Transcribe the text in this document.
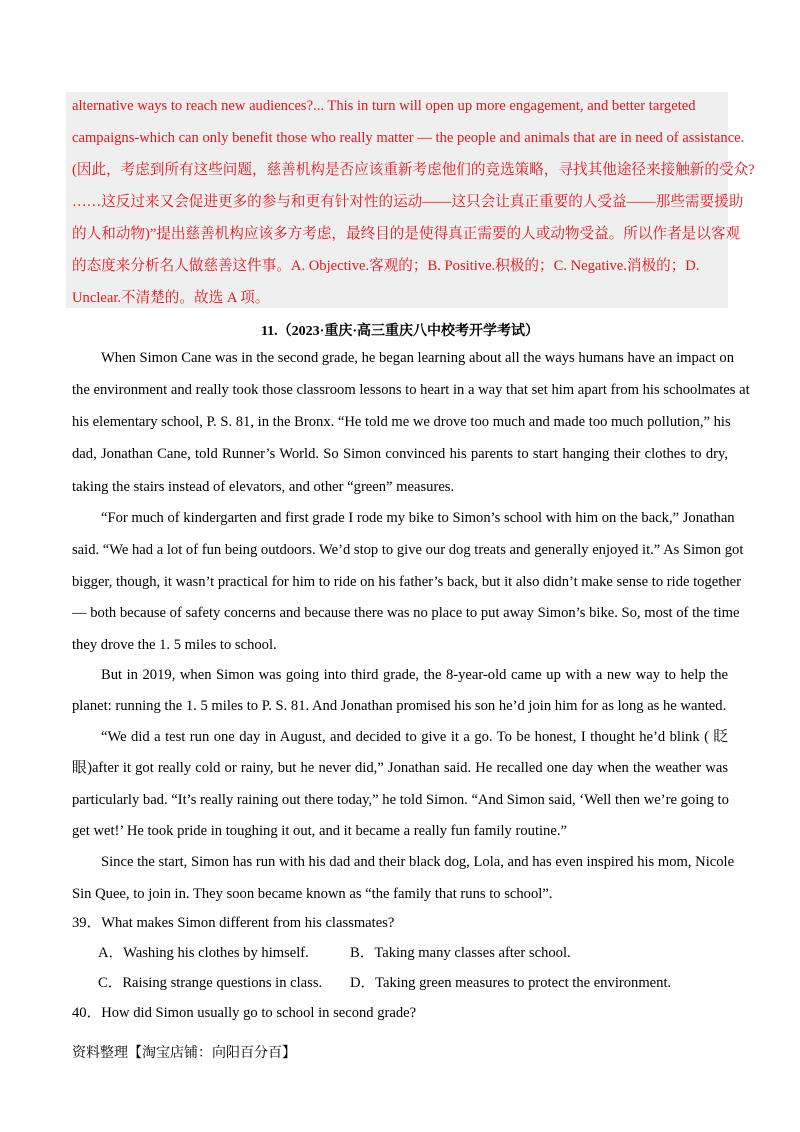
alternative ways to reach new audiences?... This in turn will open up more engagement, and better targeted
campaigns-which can only benefit those who really matter — the people and animals that are in need of assistance.
(因此，考虑到所有这些问题，慈善机构是否应该重新考虑他们的竞选策略，寻找其他途径来接触新的受众?
……这反过来又会促进更多的参与和更有针对性的运动——这只会让真正重要的人受益——那些需要援助
的人和动物)”提出慈善机构应该多方考虑，最终目的是使得真正需要的人或动物受益。所以作者是以客观
的态度来分析名人做慈善这件事。A. Objective.客观的；B. Positive.积极的；C. Negative.消极的；D.
Unclear.不清楚的。故选 A 项。
11.（2023·重庆·高三重庆八中校考开学考试）
When Simon Cane was in the second grade, he began learning about all the ways humans have an impact on
the environment and really took those classroom lessons to heart in a way that set him apart from his schoolmates at
his elementary school, P. S. 81, in the Bronx. “He told me we drove too much and made too much pollution,” his
dad, Jonathan Cane, told Runner’s World. So Simon convinced his parents to start hanging their clothes to dry,
taking the stairs instead of elevators, and other “green” measures.
“For much of kindergarten and first grade I rode my bike to Simon’s school with him on the back,” Jonathan
said. “We had a lot of fun being outdoors. We’d stop to give our dog treats and generally enjoyed it.” As Simon got
bigger, though, it wasn’t practical for him to ride on his father’s back, but it also didn’t make sense to ride together
— both because of safety concerns and because there was no place to put away Simon’s bike. So, most of the time
they drove the 1. 5 miles to school.
But in 2019, when Simon was going into third grade, the 8-year-old came up with a new way to help the
planet: running the 1. 5 miles to P. S. 81. And Jonathan promised his son he’d join him for as long as he wanted.
“We did a test run one day in August, and decided to give it a go. To be honest, I thought he’d blink ( 眨
眼)after it got really cold or rainy, but he never did,” Jonathan said. He recalled one day when the weather was
particularly bad. “It’s really raining out there today,” he told Simon. “And Simon said, ‘Well then we’re going to
get wet!’ He took pride in toughing it out, and it became a really fun family routine.”
Since the start, Simon has run with his dad and their black dog, Lola, and has even inspired his mom, Nicole
Sin Quee, to join in. They soon became known as “the family that runs to school”.
39．What makes Simon different from his classmates?
A．Washing his clothes by himself.	B．Taking many classes after school.
C．Raising strange questions in class. D．Taking green measures to protect the environment.
40．How did Simon usually go to school in second grade?
资料整理【淘宝店铺：向阳百分百】
